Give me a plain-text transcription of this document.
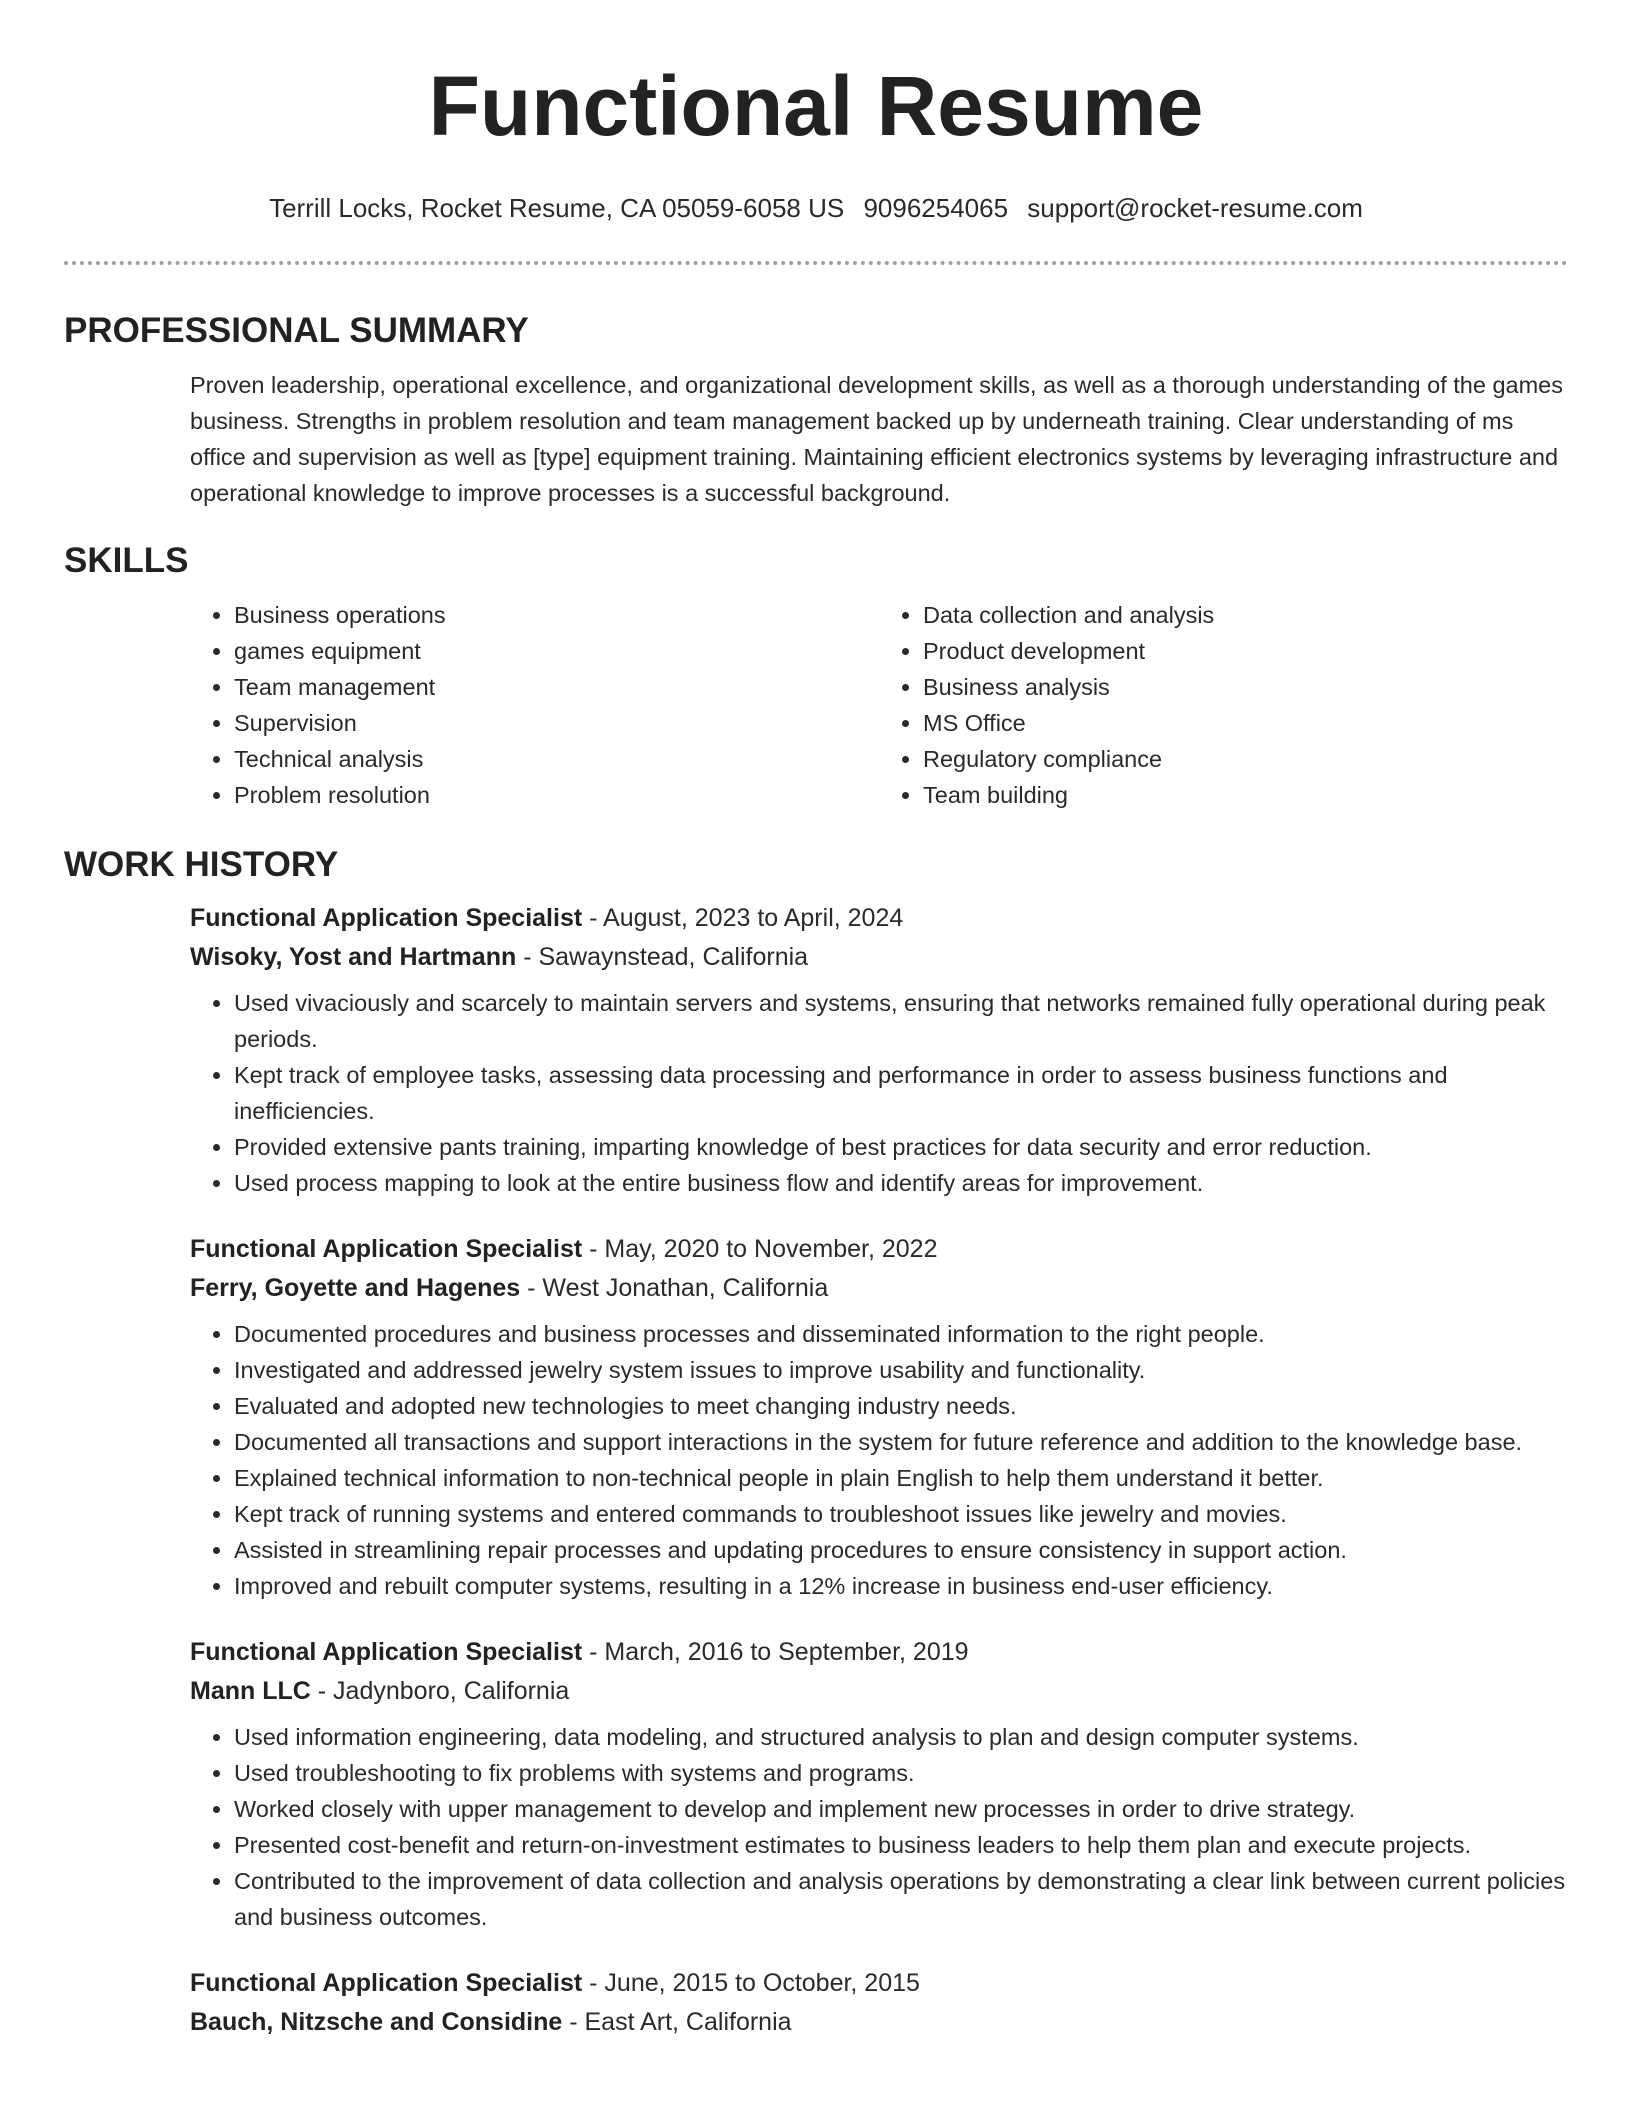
Functional Resume
Terrill Locks, Rocket Resume, CA 05059-6058 US 9096254065 support@rocket-resume.com
PROFESSIONAL SUMMARY

Proven leadership, operational excellence, and organizational development skills, as well as a thorough understanding of the games business. Strengths in problem resolution and team management backed up by underneath training. Clear understanding of ms office and supervision as well as [type] equipment training. Maintaining efficient electronics systems by leveraging infrastructure and operational knowledge to improve processes is a successful background.

SKILLS
• Business operations
• games equipment
• Team management
• Supervision
• Technical analysis
• Problem resolution
• Data collection and analysis
• Product development
• Business analysis
• MS Office
• Regulatory compliance
• Team building
WORK HISTORY
Functional Application Specialist - August, 2023 to April, 2024
Wisoky, Yost and Hartmann - Sawaynstead, California
• Used vivaciously and scarcely to maintain servers and systems, ensuring that networks remained fully operational during peak periods.
• Kept track of employee tasks, assessing data processing and performance in order to assess business functions and inefficiencies.
• Provided extensive pants training, imparting knowledge of best practices for data security and error reduction.
• Used process mapping to look at the entire business flow and identify areas for improvement.
Functional Application Specialist - May, 2020 to November, 2022
Ferry, Goyette and Hagenes - West Jonathan, California
• Documented procedures and business processes and disseminated information to the right people.
• Investigated and addressed jewelry system issues to improve usability and functionality.
• Evaluated and adopted new technologies to meet changing industry needs.
• Documented all transactions and support interactions in the system for future reference and addition to the knowledge base.
• Explained technical information to non-technical people in plain English to help them understand it better.
• Kept track of running systems and entered commands to troubleshoot issues like jewelry and movies.
• Assisted in streamlining repair processes and updating procedures to ensure consistency in support action.
• Improved and rebuilt computer systems, resulting in a 12% increase in business end-user efficiency.
Functional Application Specialist - March, 2016 to September, 2019
Mann LLC - Jadynboro, California
• Used information engineering, data modeling, and structured analysis to plan and design computer systems.
• Used troubleshooting to fix problems with systems and programs.
• Worked closely with upper management to develop and implement new processes in order to drive strategy.
• Presented cost-benefit and return-on-investment estimates to business leaders to help them plan and execute projects.
• Contributed to the improvement of data collection and analysis operations by demonstrating a clear link between current policies and business outcomes.
Functional Application Specialist - June, 2015 to October, 2015
Bauch, Nitzsche and Considine - East Art, California
